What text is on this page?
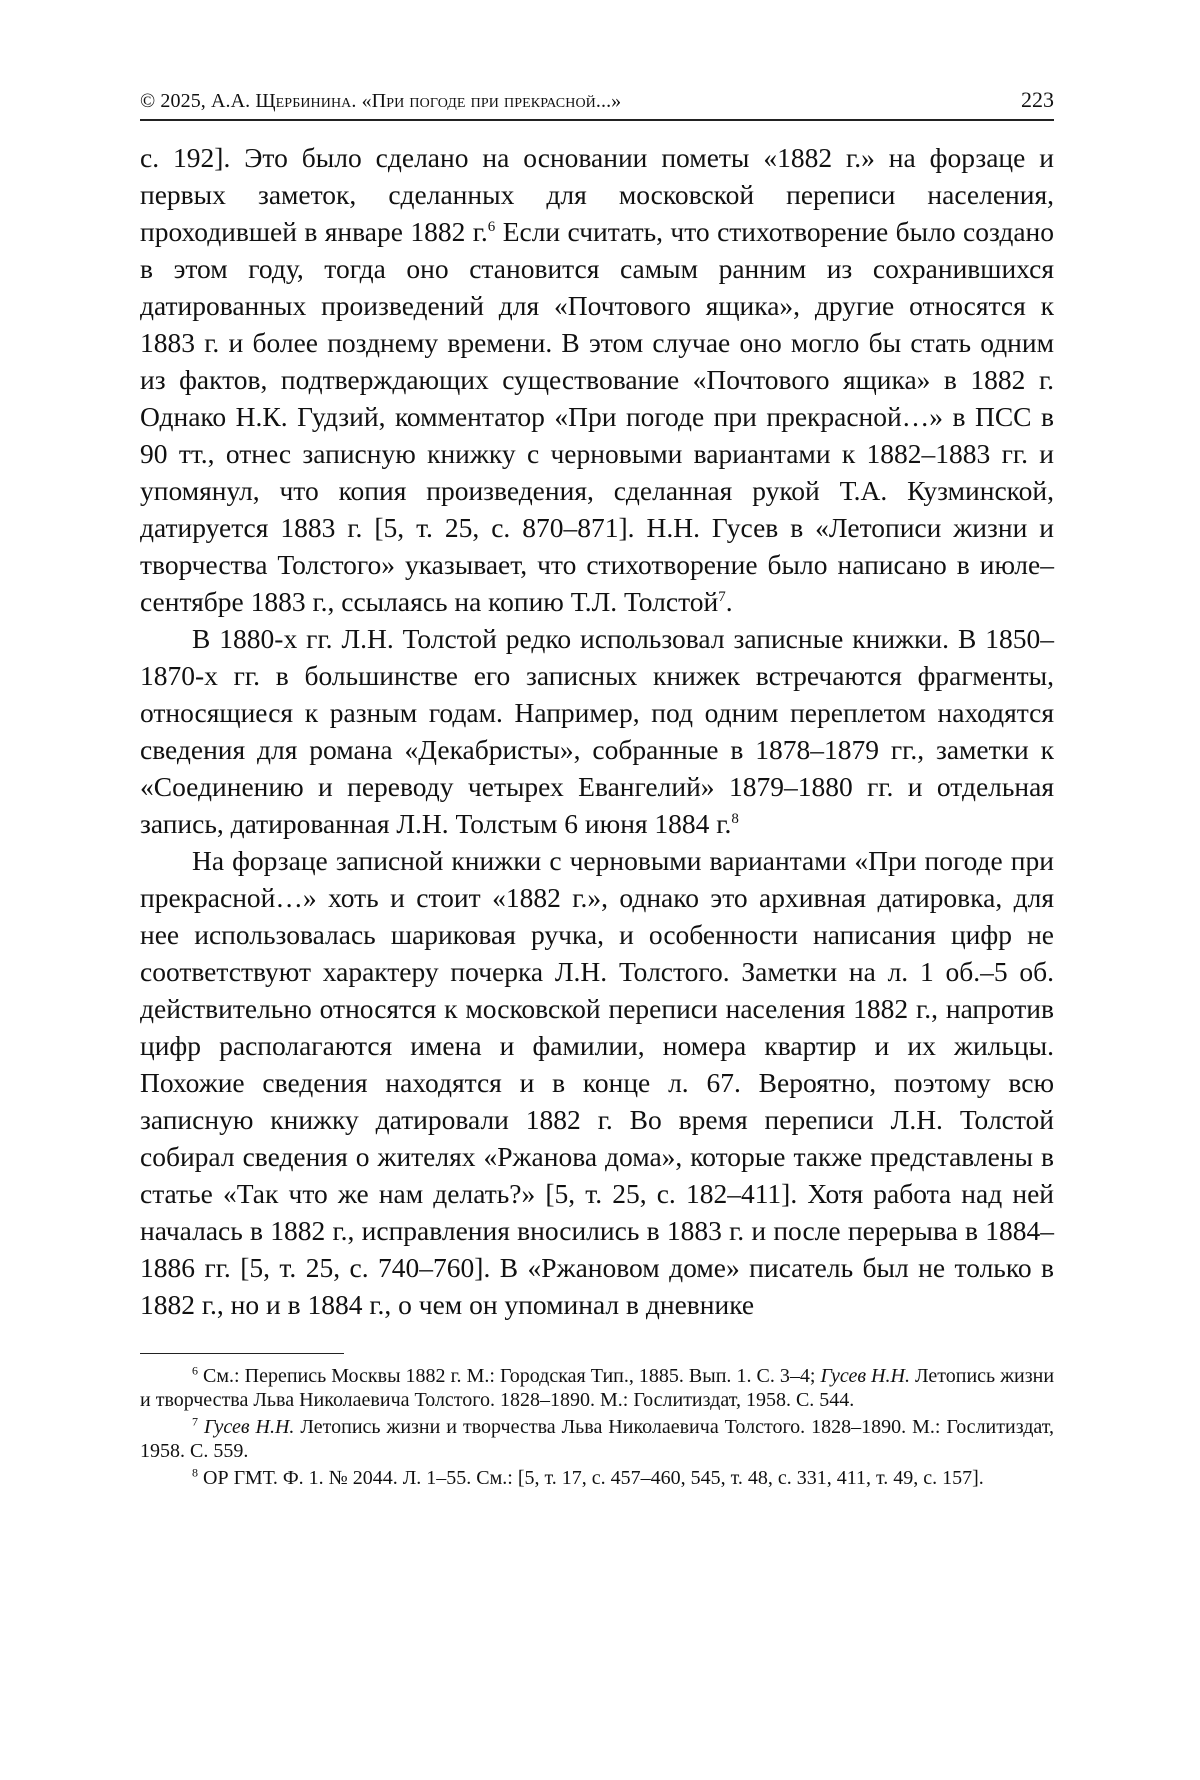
© 2025, А.А. Щербинина. «При погоде при прекрасной...»	223

с. 192]. Это было сделано на основании пометы «1882 г.» на форзаце и первых заметок, сделанных для московской переписи населения, проходившей в январе 1882 г.$^6$ Если считать, что стихотворение было создано в этом году, тогда оно становится самым ранним из сохранившихся датированных произведений для «Почтового ящика», другие относятся к 1883 г. и более позднему времени. В этом случае оно могло бы стать одним из фактов, подтверждающих существование «Почтового ящика» в 1882 г. Однако Н.К. Гудзий, комментатор «При погоде при прекрасной…» в ПСС в 90 тт., отнес записную книжку с черновыми вариантами к 1882–1883 гг. и упомянул, что копия произведения, сделанная рукой Т.А. Кузминской, датируется 1883 г. [5, т. 25, с. 870–871]. Н.Н. Гусев в «Летописи жизни и творчества Толстого» указывает, что стихотворение было написано в июле–сентябре 1883 г., ссылаясь на копию Т.Л. Толстой$^7$.

В 1880-х гг. Л.Н. Толстой редко использовал записные книжки. В 1850–1870-х гг. в большинстве его записных книжек встречаются фрагменты, относящиеся к разным годам. Например, под одним переплетом находятся сведения для романа «Декабристы», собранные в 1878–1879 гг., заметки к «Соединению и переводу четырех Евангелий» 1879–1880 гг. и отдельная запись, датированная Л.Н. Толстым 6 июня 1884 г.$^8$

На форзаце записной книжки с черновыми вариантами «При погоде при прекрасной…» хоть и стоит «1882 г.», однако это архивная датировка, для нее использовалась шариковая ручка, и особенности написания цифр не соответствуют характеру почерка Л.Н. Толстого. Заметки на л. 1 об.–5 об. действительно относятся к московской переписи населения 1882 г., напротив цифр располагаются имена и фамилии, номера квартир и их жильцы. Похожие сведения находятся и в конце л. 67. Вероятно, поэтому всю записную книжку датировали 1882 г. Во время переписи Л.Н. Толстой собирал сведения о жителях «Ржанова дома», которые также представлены в статье «Так что же нам делать?» [5, т. 25, с. 182–411]. Хотя работа над ней началась в 1882 г., исправления вносились в 1883 г. и после перерыва в 1884–1886 гг. [5, т. 25, с. 740–760]. В «Ржановом доме» писатель был не только в 1882 г., но и в 1884 г., о чем он упоминал в дневнике

$^6$ См.: Перепись Москвы 1882 г. М.: Городская Тип., 1885. Вып. 1. С. 3–4; Гусев Н.Н. Летопись жизни и творчества Льва Николаевича Толстого. 1828–1890. М.: Гослитиздат, 1958. С. 544.

$^7$ Гусев Н.Н. Летопись жизни и творчества Льва Николаевича Толстого. 1828–1890. М.: Гослитиздат, 1958. С. 559.

$^8$ ОР ГМТ. Ф. 1. № 2044. Л. 1–55. См.: [5, т. 17, с. 457–460, 545, т. 48, с. 331, 411, т. 49, с. 157].
